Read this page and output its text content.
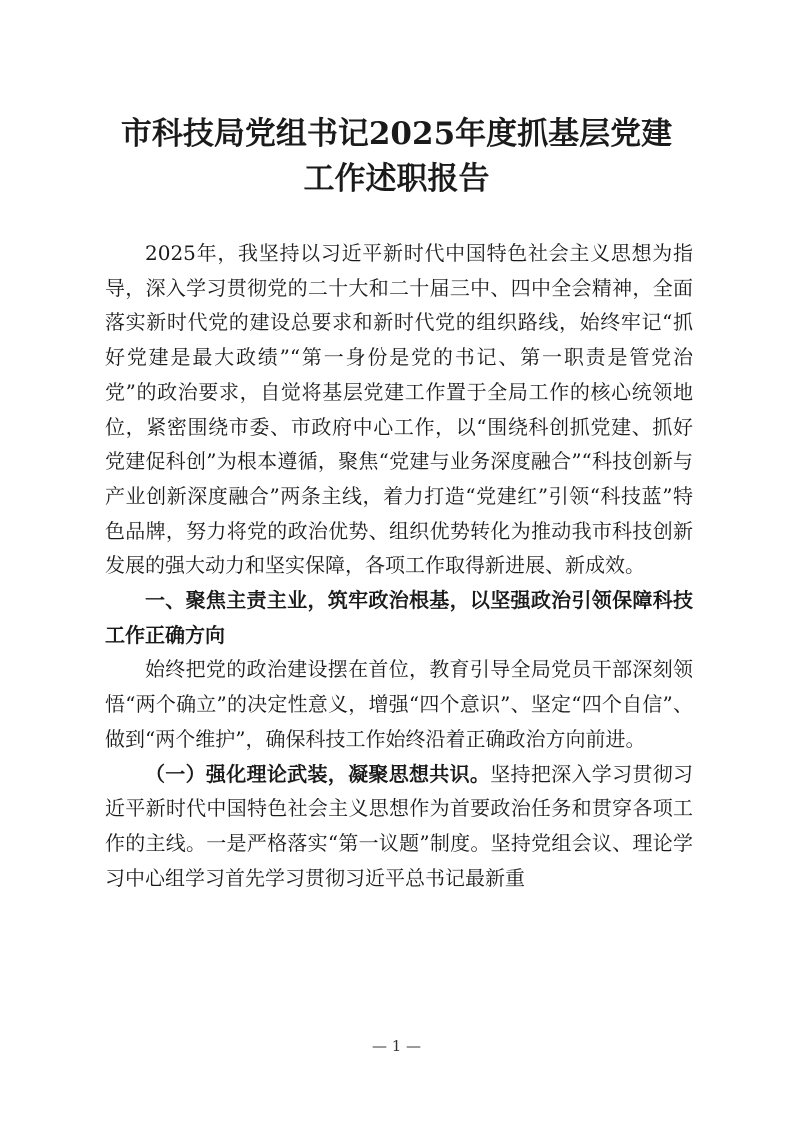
市科技局党组书记2025年度抓基层党建
工作述职报告

2025年，我坚持以习近平新时代中国特色社会主义思想为指导，深入学习贯彻党的二十大和二十届三中、四中全会精神，全面落实新时代党的建设总要求和新时代党的组织路线，始终牢记“抓好党建是最大政绩”“第一身份是党的书记、第一职责是管党治党”的政治要求，自觉将基层党建工作置于全局工作的核心统领地位，紧密围绕市委、市政府中心工作，以“围绕科创抓党建、抓好党建促科创”为根本遵循，聚焦“党建与业务深度融合”“科技创新与产业创新深度融合”两条主线，着力打造“党建红”引领“科技蓝”特色品牌，努力将党的政治优势、组织优势转化为推动我市科技创新发展的强大动力和坚实保障，各项工作取得新进展、新成效。

一、聚焦主责主业，筑牢政治根基，以坚强政治引领保障科技工作正确方向

始终把党的政治建设摆在首位，教育引导全局党员干部深刻领悟“两个确立”的决定性意义，增强“四个意识”、坚定“四个自信”、做到“两个维护”，确保科技工作始终沿着正确政治方向前进。

（一）强化理论武装，凝聚思想共识。坚持把深入学习贯彻习近平新时代中国特色社会主义思想作为首要政治任务和贯穿各项工作的主线。一是严格落实“第一议题”制度。坚持党组会议、理论学习中心组学习首先学习贯彻习近平总书记最新重

— 1 —
